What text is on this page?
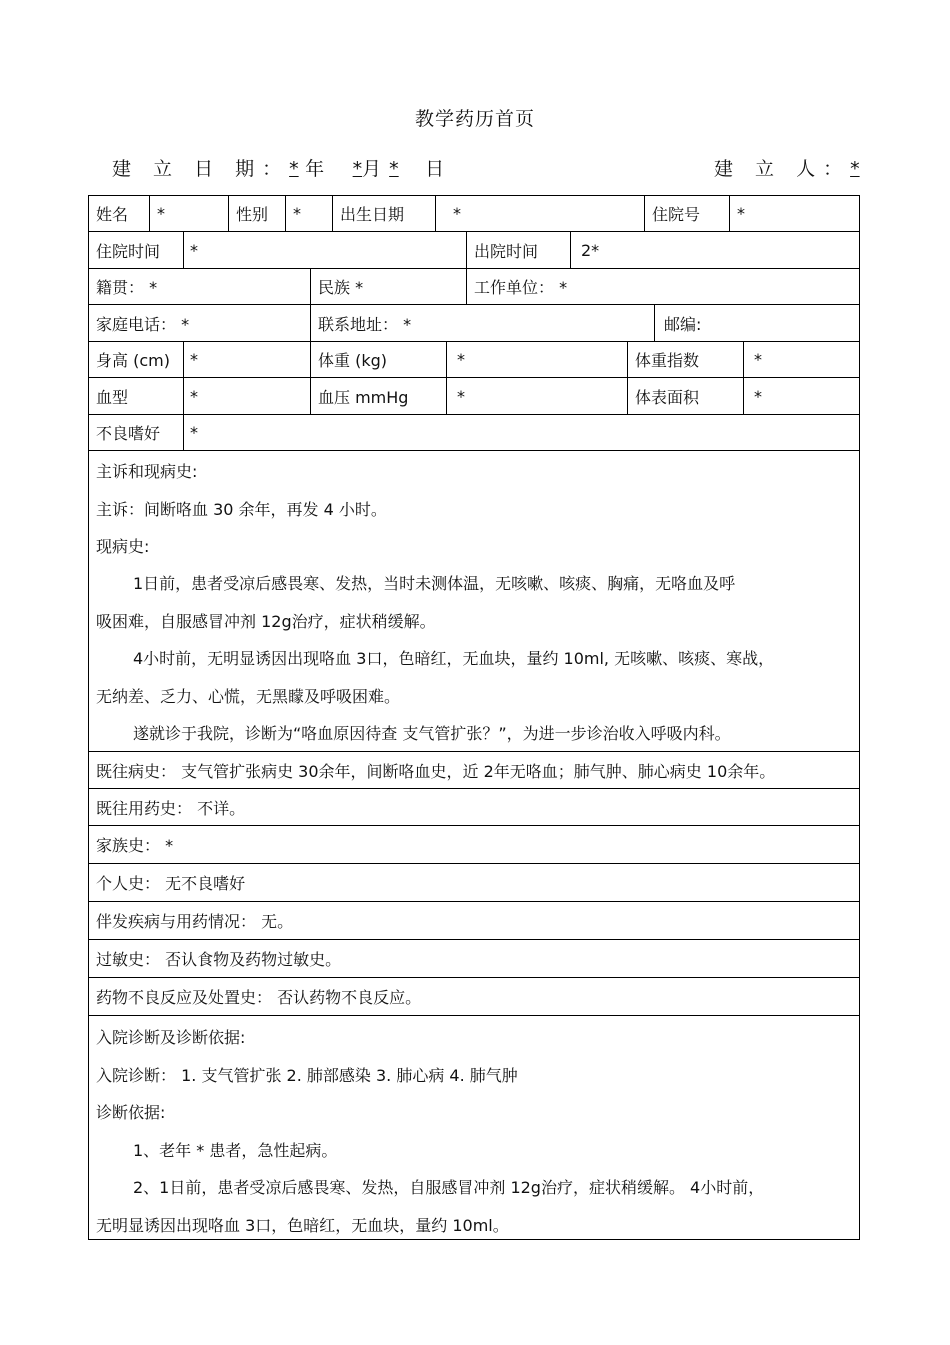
教学药历首页
建 立 日 期：* 年 *月* 日	建 立 人：*
姓名	*	性别	*	出生日期	*	住院号	*
住院时间	*	出院时间	2*
籍贯： *	民族 *	工作单位： *
家庭电话： *	联系地址： *	邮编:
身高 (cm)	*	体重 (kg)	*	体重指数	*
血型	*	血压 mmHg	*	体表面积	*
不良嗜好	*
主诉和现病史:
主诉：间断咯血 30 余年，再发 4 小时。
现病史:
1日前，患者受凉后感畏寒、发热，当时未测体温，无咳嗽、咳痰、胸痛，无咯血及呼
吸困难，自服感冒冲剂 12g治疗，症状稍缓解。
4小时前，无明显诱因出现咯血 3口，色暗红，无血块，量约 10ml, 无咳嗽、咳痰、寒战，
无纳差、乏力、心慌，无黑矇及呼吸困难。
遂就诊于我院，诊断为“咯血原因待查 支气管扩张？”，为进一步诊治收入呼吸内科。
既往病史： 支气管扩张病史 30余年，间断咯血史，近 2年无咯血；肺气肿、肺心病史 10余年。
既往用药史： 不详。
家族史： *
个人史： 无不良嗜好
伴发疾病与用药情况： 无。
过敏史： 否认食物及药物过敏史。
药物不良反应及处置史： 否认药物不良反应。
入院诊断及诊断依据:
入院诊断： 1. 支气管扩张 2. 肺部感染 3. 肺心病 4. 肺气肿
诊断依据:
1、老年 * 患者，急性起病。
2、1日前，患者受凉后感畏寒、发热，自服感冒冲剂 12g治疗，症状稍缓解。 4小时前，
无明显诱因出现咯血 3口，色暗红，无血块，量约 10ml。
